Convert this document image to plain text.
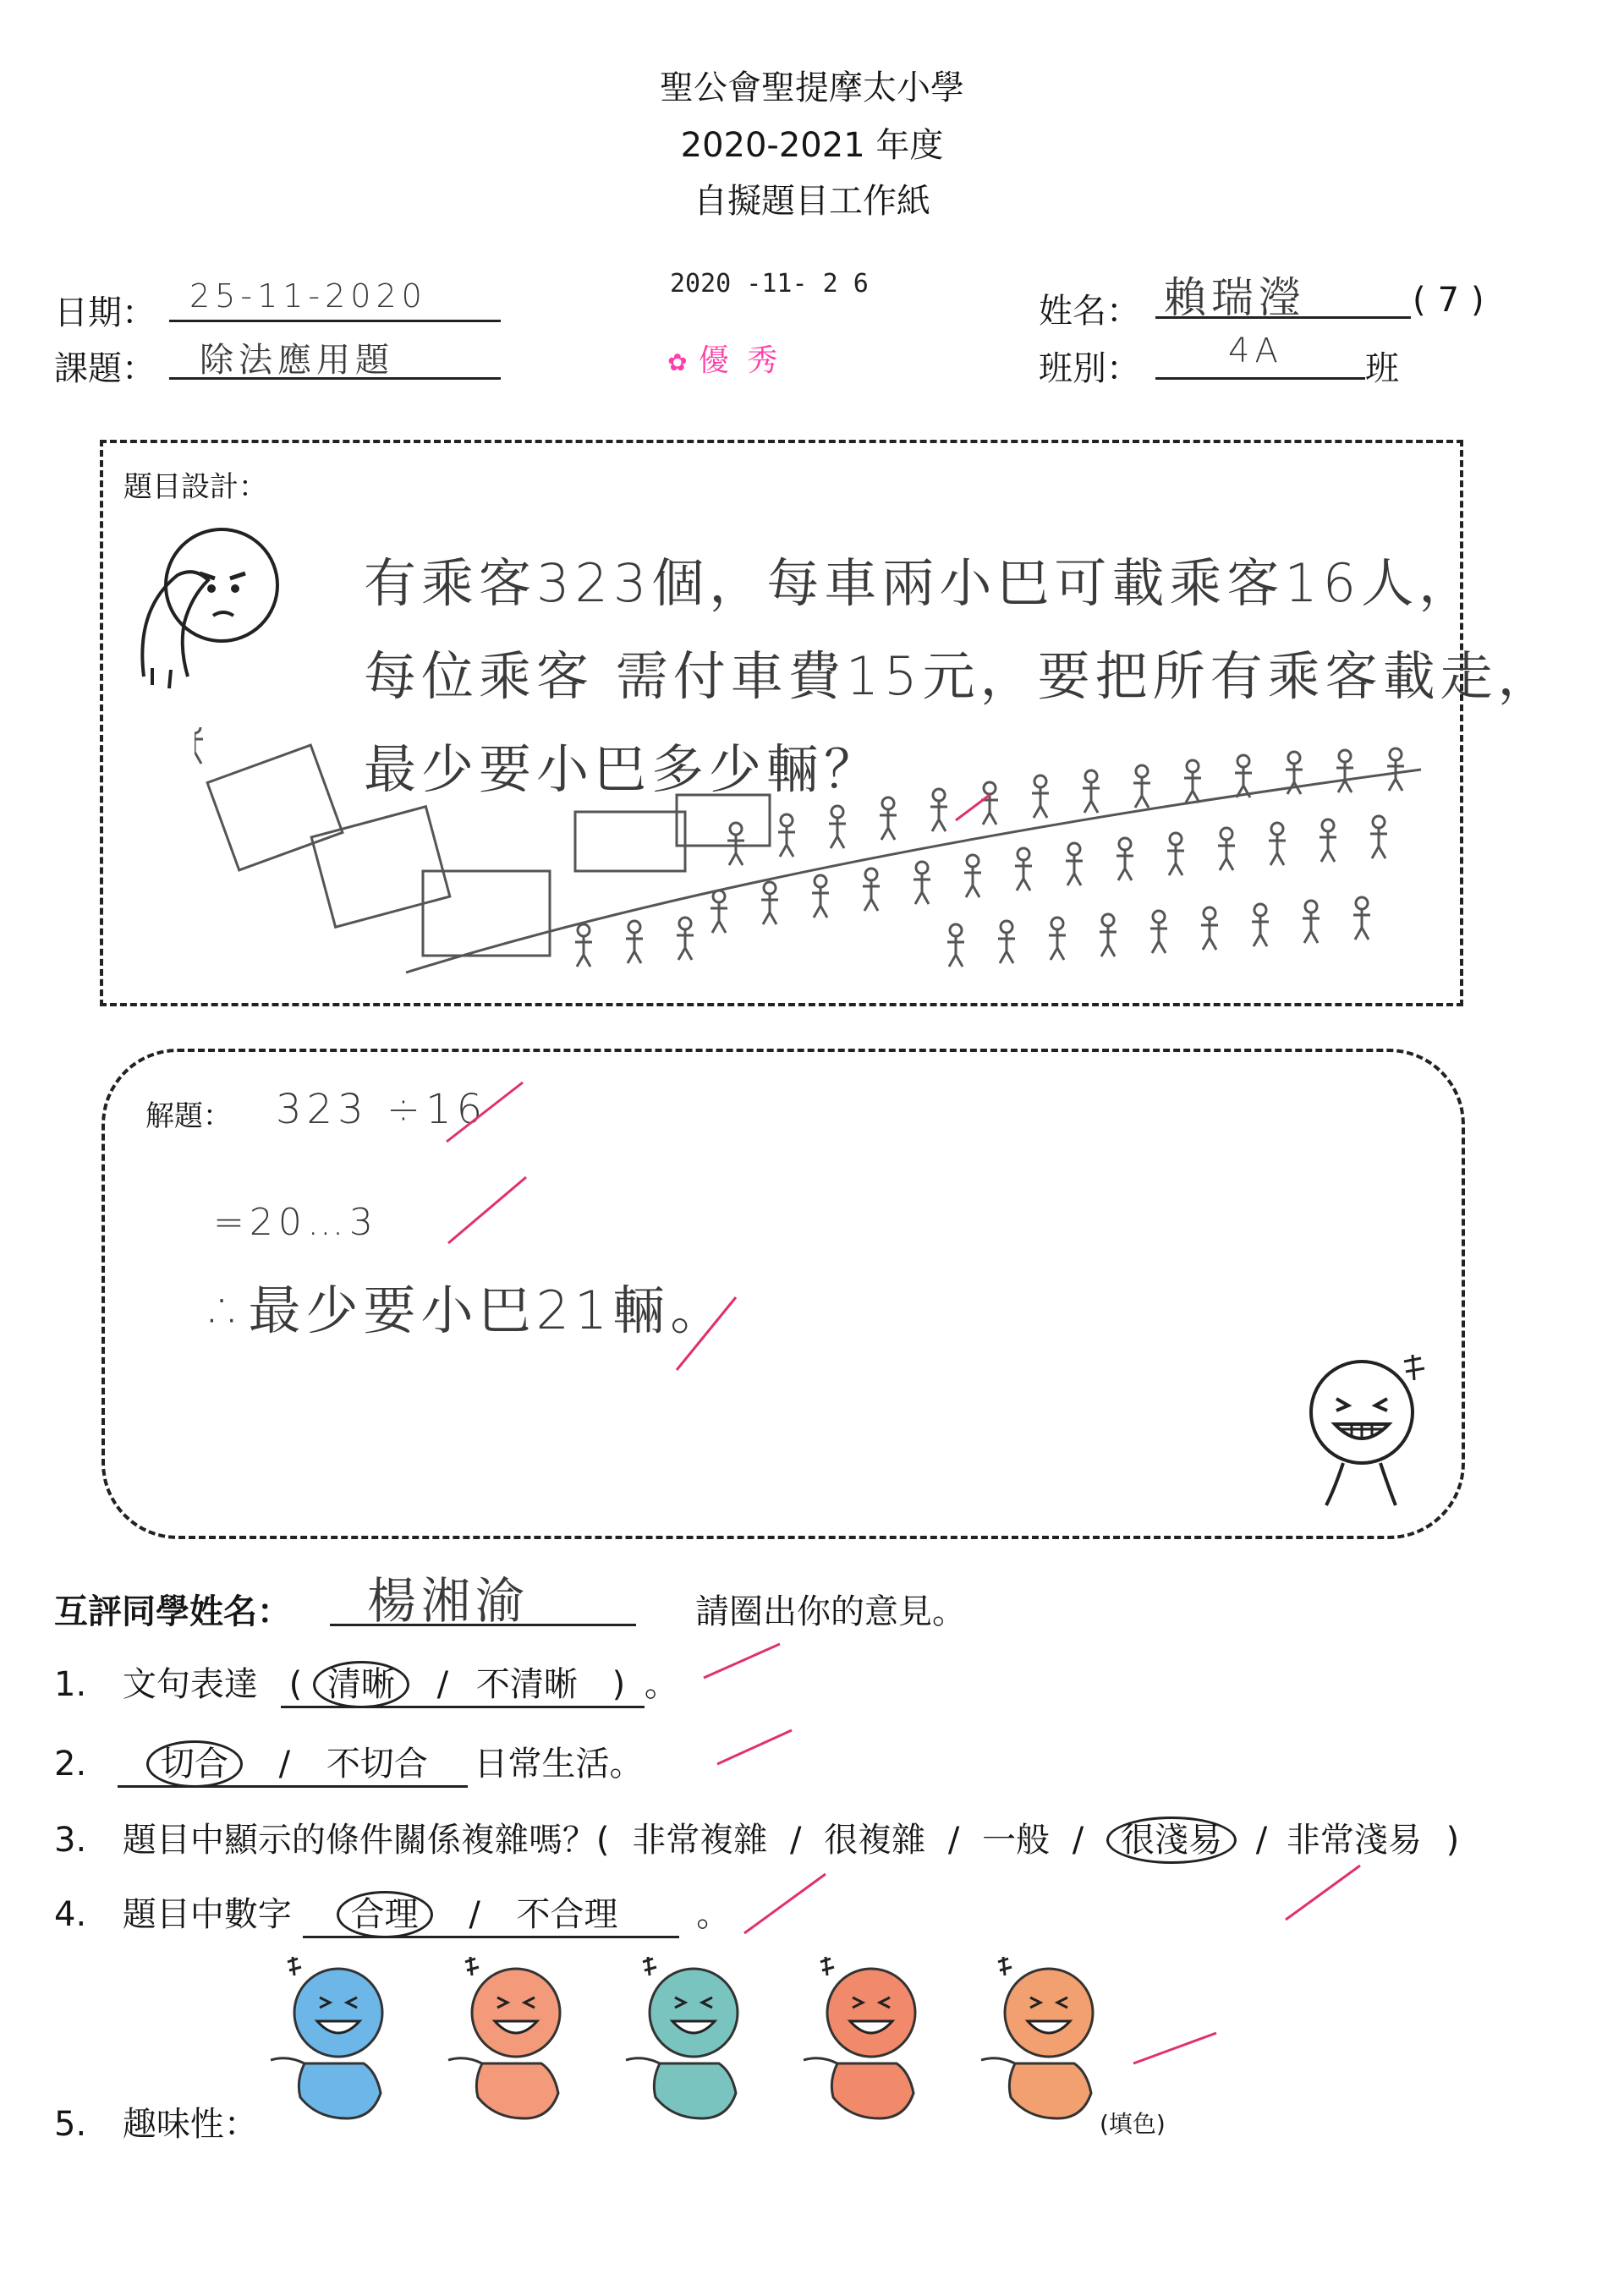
聖公會聖提摩太小學
2020-2021 年度
自擬題目工作紙
日期： 25-11-2020
課題： 除法應用題
2020 -11- 2 6
✿ 優 秀
姓名： 賴瑞瀅	(7)
班別：	4A 班
題目設計：
有乘客323個，每車兩小巴可載乘客16人，
每位乘客 需付車費15元，要把所有乘客載走，
最少要小巴多少輛？
解題： 323 ÷16
=20…3
∴最少要小巴21輛。
互評同學姓名： 楊湘渝	請圈出你的意見。
1. 文句表達 ( 清晰 / 不清晰 ) 。
2. 切合 / 不切合 日常生活。
3. 題目中顯示的條件關係複雜嗎？( 非常複雜 / 很複雜 / 一般 / 很淺易 / 非常淺易 )
4. 題目中數字 合理 / 不合理 。
5. 趣味性：	(填色)
